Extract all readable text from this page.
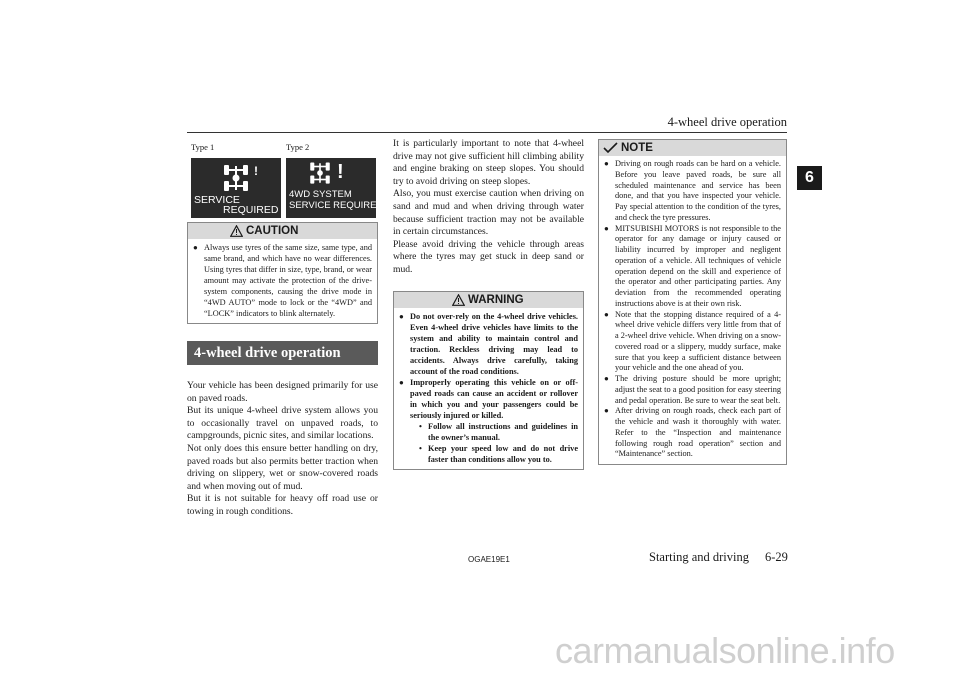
4-wheel drive operation
6
Type 1	Type 2
!
SERVICE
REQUIRED
!
4WD SYSTEM
SERVICE REQUIRED
CAUTION
● Always use tyres of the same size, same type, and same brand, and which have no wear differences. Using tyres that differ in size, type, brand, or wear amount may activate the protection of the drive-system components, causing the drive mode in “4WD AUTO” mode to lock or the “4WD” and “LOCK” indicators to blink alternately.
4-wheel drive operation

Your vehicle has been designed primarily for use on paved roads.

But its unique 4-wheel drive system allows you to occasionally travel on unpaved roads, to campgrounds, picnic sites, and similar locations.

Not only does this ensure better handling on dry, paved roads but also permits better traction when driving on slippery, wet or snow-covered roads and when moving out of mud.

But it is not suitable for heavy off road use or towing in rough conditions.

It is particularly important to note that 4-wheel drive may not give sufficient hill climbing ability and engine braking on steep slopes. You should try to avoid driving on steep slopes.

Also, you must exercise caution when driving on sand and mud and when driving through water because sufficient traction may not be available in certain circumstances.

Please avoid driving the vehicle through areas where the tyres may get stuck in deep sand or mud.

WARNING
● Do not over-rely on the 4-wheel drive vehicles. Even 4-wheel drive vehicles have limits to the system and ability to maintain control and traction. Reckless driving may lead to accidents. Always drive carefully, taking account of the road conditions.
● Improperly operating this vehicle on or off-paved roads can cause an accident or rollover in which you and your passengers could be seriously injured or killed.
• Follow all instructions and guidelines in the owner’s manual.
• Keep your speed low and do not drive faster than conditions allow you to.
NOTE
● Driving on rough roads can be hard on a vehicle. Before you leave paved roads, be sure all scheduled maintenance and service has been done, and that you have inspected your vehicle. Pay special attention to the condition of the tyres, and check the tyre pressures.
● MITSUBISHI MOTORS is not responsible to the operator for any damage or injury caused or liability incurred by improper and negligent operation of a vehicle. All techniques of vehicle operation depend on the skill and experience of the operator and other participating parties. Any deviation from the recommended operating instructions above is at their own risk.
● Note that the stopping distance required of a 4-wheel drive vehicle differs very little from that of a 2-wheel drive vehicle. When driving on a snow-covered road or a slippery, muddy surface, make sure that you keep a sufficient distance between your vehicle and the one ahead of you.
● The driving posture should be more upright; adjust the seat to a good position for easy steering and pedal operation. Be sure to wear the seat belt.
● After driving on rough roads, check each part of the vehicle and wash it thoroughly with water. Refer to the “Inspection and maintenance following rough road operation” section and “Maintenance” section.
OGAE19E1	Starting and driving 6-29
carmanualsonline.info
